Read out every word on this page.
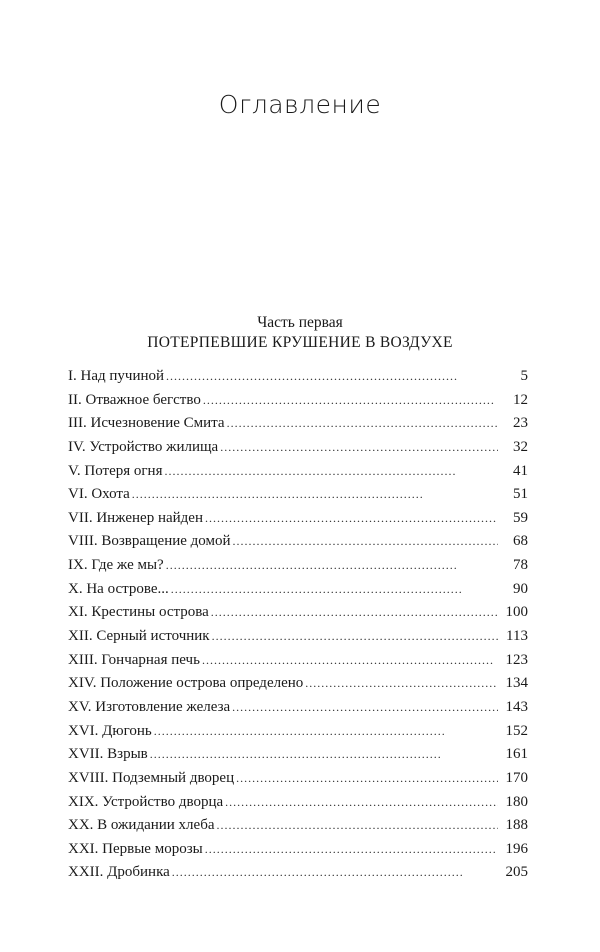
Оглавление
Часть первая
ПОТЕРПЕВШИЕ КРУШЕНИЕ В ВОЗДУХЕ
I. Над пучиной . . .	5
II. Отважное бегство . . .	12
III. Исчезновение Смита . . .	23
IV. Устройство жилища . . .	32
V. Потеря огня . . .	41
VI. Охота . . .	51
VII. Инженер найден . . .	59
VIII. Возвращение домой . . .	68
IX. Где же мы? . . .	78
X. На острове... . . .	90
XI. Крестины острова . . .	100
XII. Серный источник . . .	113
XIII. Гончарная печь . . .	123
XIV. Положение острова определено . . .	134
XV. Изготовление железа . . .	143
XVI. Дюгонь . . .	152
XVII. Взрыв . . .	161
XVIII. Подземный дворец . . .	170
XIX. Устройство дворца . . .	180
XX. В ожидании хлеба . . .	188
XXI. Первые морозы . . .	196
XXII. Дробинка . . .	205
